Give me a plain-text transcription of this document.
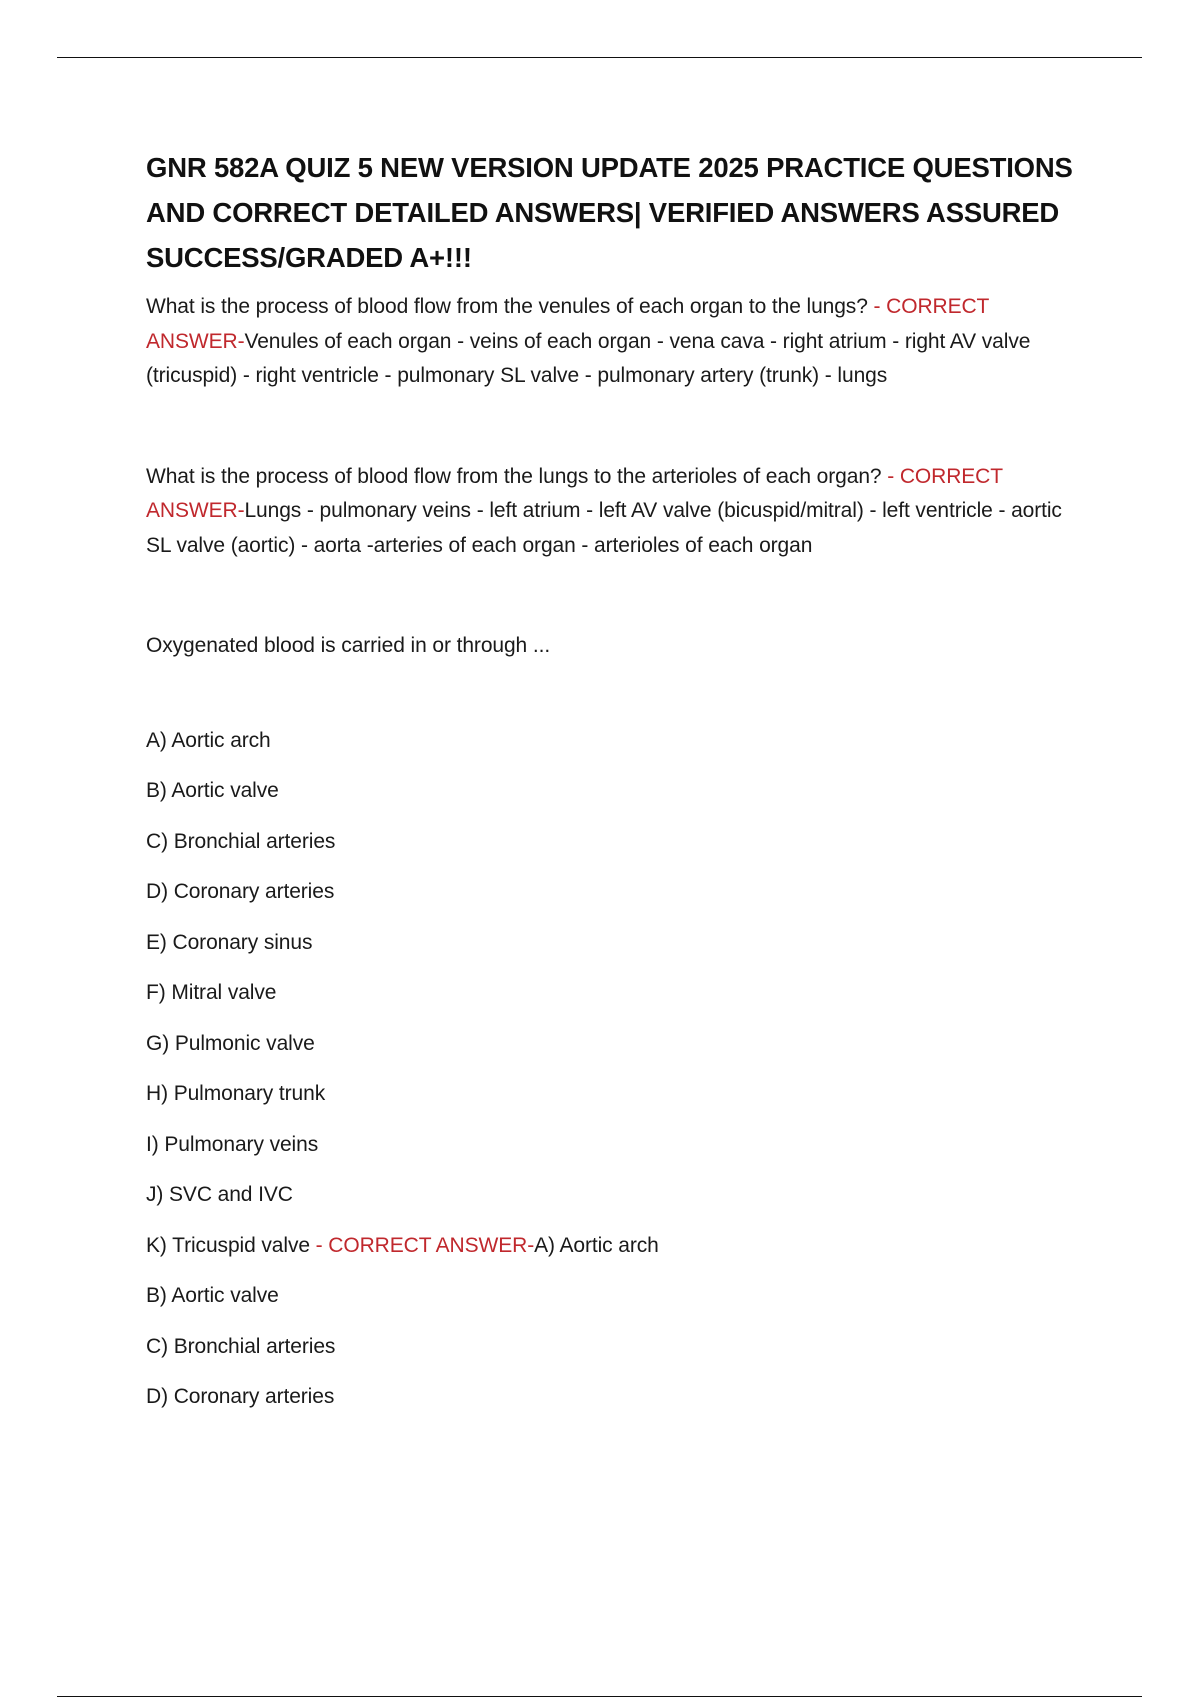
GNR 582A QUIZ 5 NEW VERSION UPDATE 2025 PRACTICE QUESTIONS AND CORRECT DETAILED ANSWERS| VERIFIED ANSWERS ASSURED SUCCESS/GRADED A+!!!

What is the process of blood flow from the venules of each organ to the lungs? - CORRECT ANSWER-Venules of each organ - veins of each organ - vena cava - right atrium - right AV valve (tricuspid) - right ventricle - pulmonary SL valve - pulmonary artery (trunk) - lungs

What is the process of blood flow from the lungs to the arterioles of each organ? - CORRECT ANSWER-Lungs - pulmonary veins - left atrium - left AV valve (bicuspid/mitral) - left ventricle - aortic SL valve (aortic) - aorta -arteries of each organ - arterioles of each organ

Oxygenated blood is carried in or through ...

A) Aortic arch

B) Aortic valve

C) Bronchial arteries

D) Coronary arteries

E) Coronary sinus

F) Mitral valve

G) Pulmonic valve

H) Pulmonary trunk

I) Pulmonary veins

J) SVC and IVC

K) Tricuspid valve - CORRECT ANSWER-A) Aortic arch

B) Aortic valve

C) Bronchial arteries

D) Coronary arteries
